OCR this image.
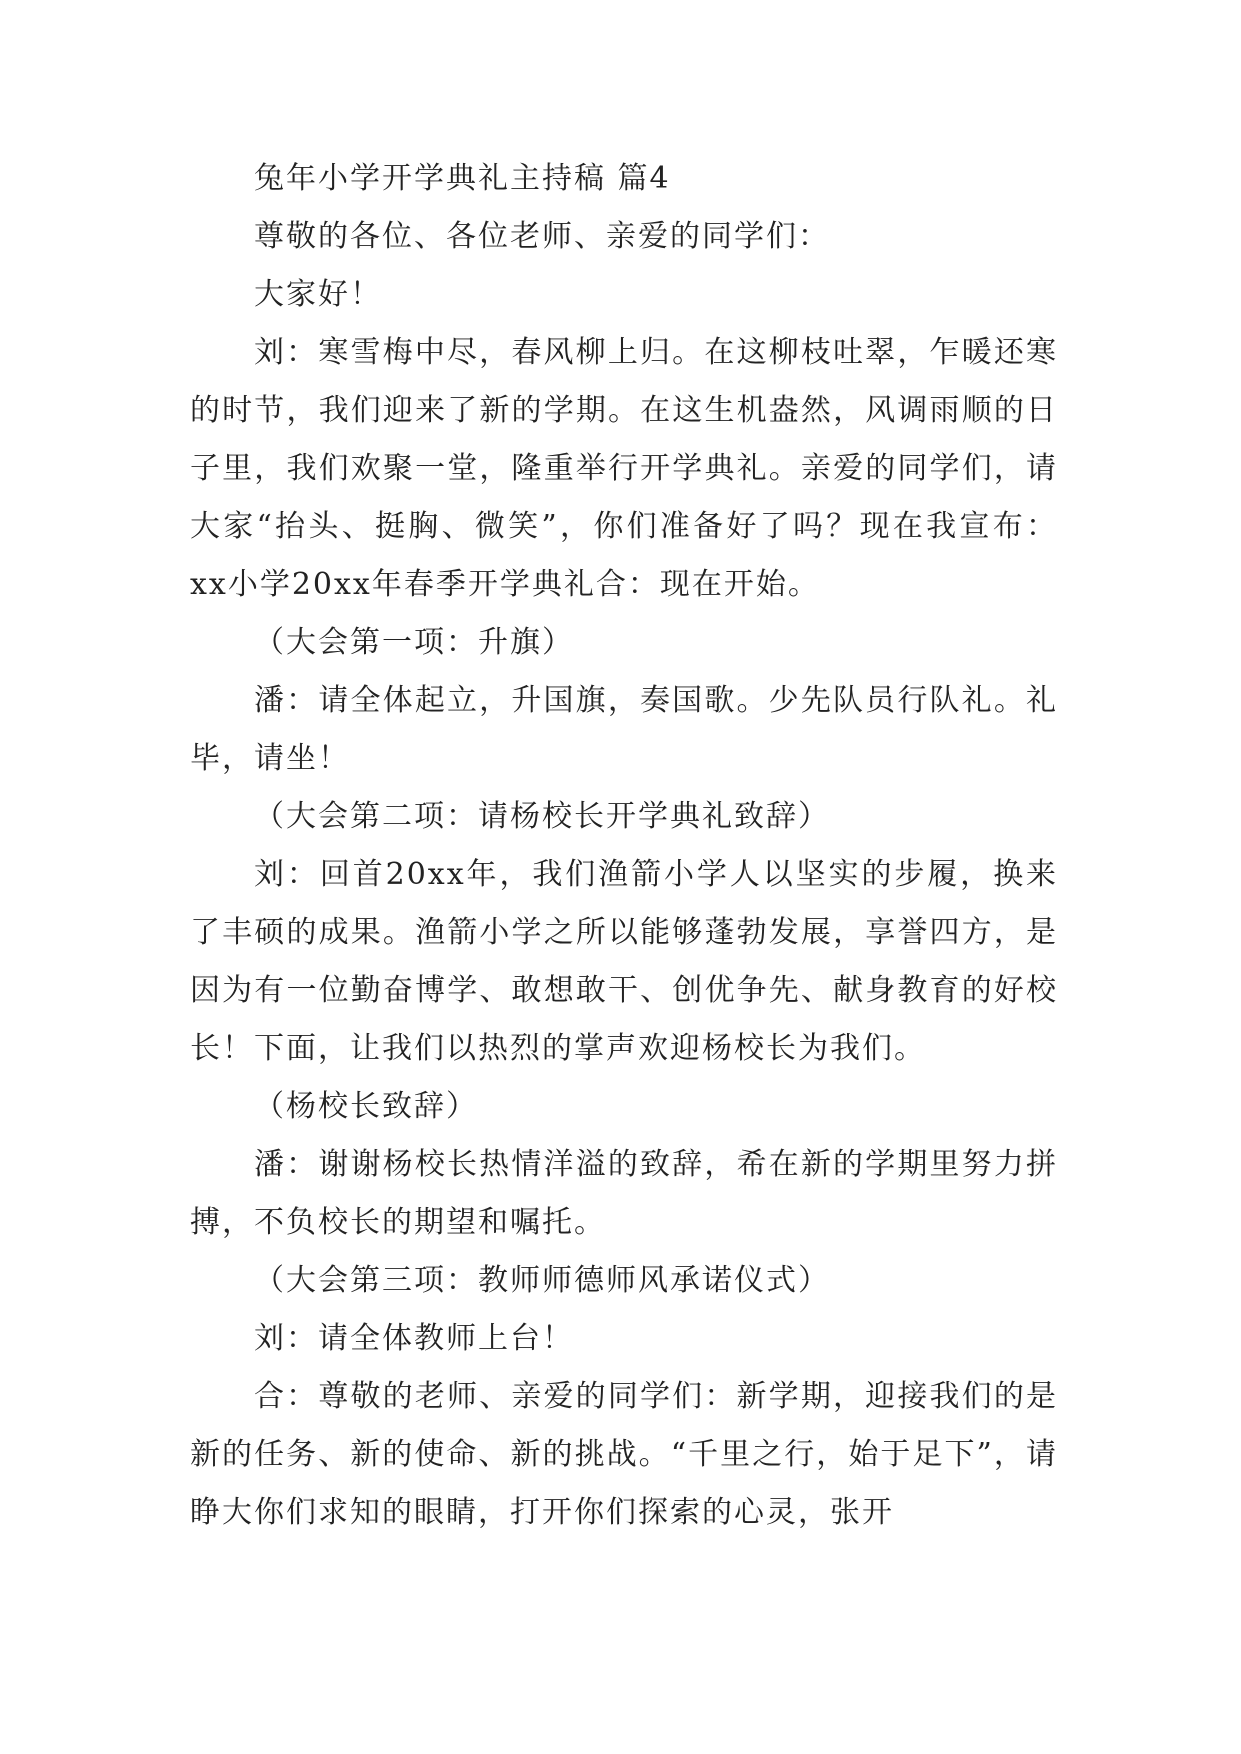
兔年小学开学典礼主持稿 篇4

尊敬的各位、各位老师、亲爱的同学们：

大家好！

刘：寒雪梅中尽，春风柳上归。在这柳枝吐翠，乍暖还寒的时节，我们迎来了新的学期。在这生机盎然，风调雨顺的日子里，我们欢聚一堂，隆重举行开学典礼。亲爱的同学们，请大家“抬头、挺胸、微笑”，你们准备好了吗？现在我宣布：xx小学20xx年春季开学典礼合：现在开始。

（大会第一项：升旗）

潘：请全体起立，升国旗，奏国歌。少先队员行队礼。礼毕，请坐！

（大会第二项：请杨校长开学典礼致辞）

刘：回首20xx年，我们渔箭小学人以坚实的步履，换来了丰硕的成果。渔箭小学之所以能够蓬勃发展，享誉四方，是因为有一位勤奋博学、敢想敢干、创优争先、献身教育的好校长！下面，让我们以热烈的掌声欢迎杨校长为我们。

（杨校长致辞）

潘：谢谢杨校长热情洋溢的致辞，希在新的学期里努力拼搏，不负校长的期望和嘱托。

（大会第三项：教师师德师风承诺仪式）

刘：请全体教师上台！

合：尊敬的老师、亲爱的同学们：新学期，迎接我们的是新的任务、新的使命、新的挑战。“千里之行，始于足下”，请睁大你们求知的眼睛，打开你们探索的心灵，张开
